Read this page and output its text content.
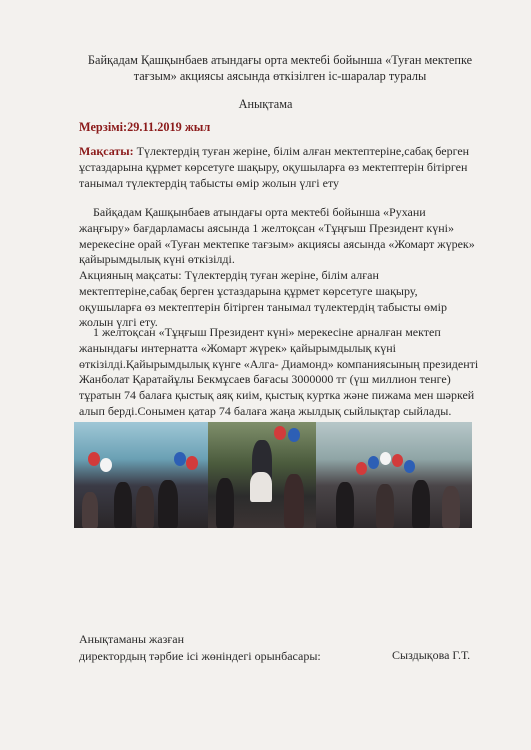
Байқадам Қашқынбаев атындағы орта мектебі бойынша «Туған мектепке тағзым» акциясы аясында өткізілген іс-шаралар туралы
Анықтама
Мерзімі:29.11.2019 жыл
Мақсаты: Түлектердің туған жеріне, білім алған мектептеріне,сабақ берген ұстаздарына құрмет көрсетуге шақыру, оқушыларға өз мектептерін бітірген танымал түлектердің табысты өмір жолын үлгі ету
Байқадам Қашқынбаев атындағы орта мектебі бойынша «Рухани жаңғыру» бағдарламасы аясында 1 желтоқсан «Тұңғыш Президент күні» мерекесіне орай «Туған мектепке тағзым» акциясы аясында «Жомарт жүрек» қайырымдылық күні өткізілді.
Акцияның мақсаты: Түлектердің туған жеріне, білім алған мектептеріне,сабақ берген ұстаздарына құрмет көрсетуге шақыру, оқушыларға өз мектептерін бітірген танымал түлектердің табысты өмір жолын үлгі ету.
1 желтоқсан «Тұңғыш Президент күні» мерекесіне арналған мектеп жанындағы интернатта «Жомарт жүрек» қайырымдылық күні өткізілді.Қайырымдылық күнге «Алга- Диамонд» компаниясының президенті Жанболат Қаратайұлы Бекмұсаев бағасы 3000000 тг (үш миллион тенге) тұратын 74 балаға қыстық аяқ киім, қыстық куртка және пижама мен шәркей алып берді.Сонымен қатар 74 балаға жаңа жылдық сыйлықтар сыйлады.
Анықтаманы жазған
директордың тәрбие ісі жөніндегі орынбасары:	Сыздықова Г.Т.
